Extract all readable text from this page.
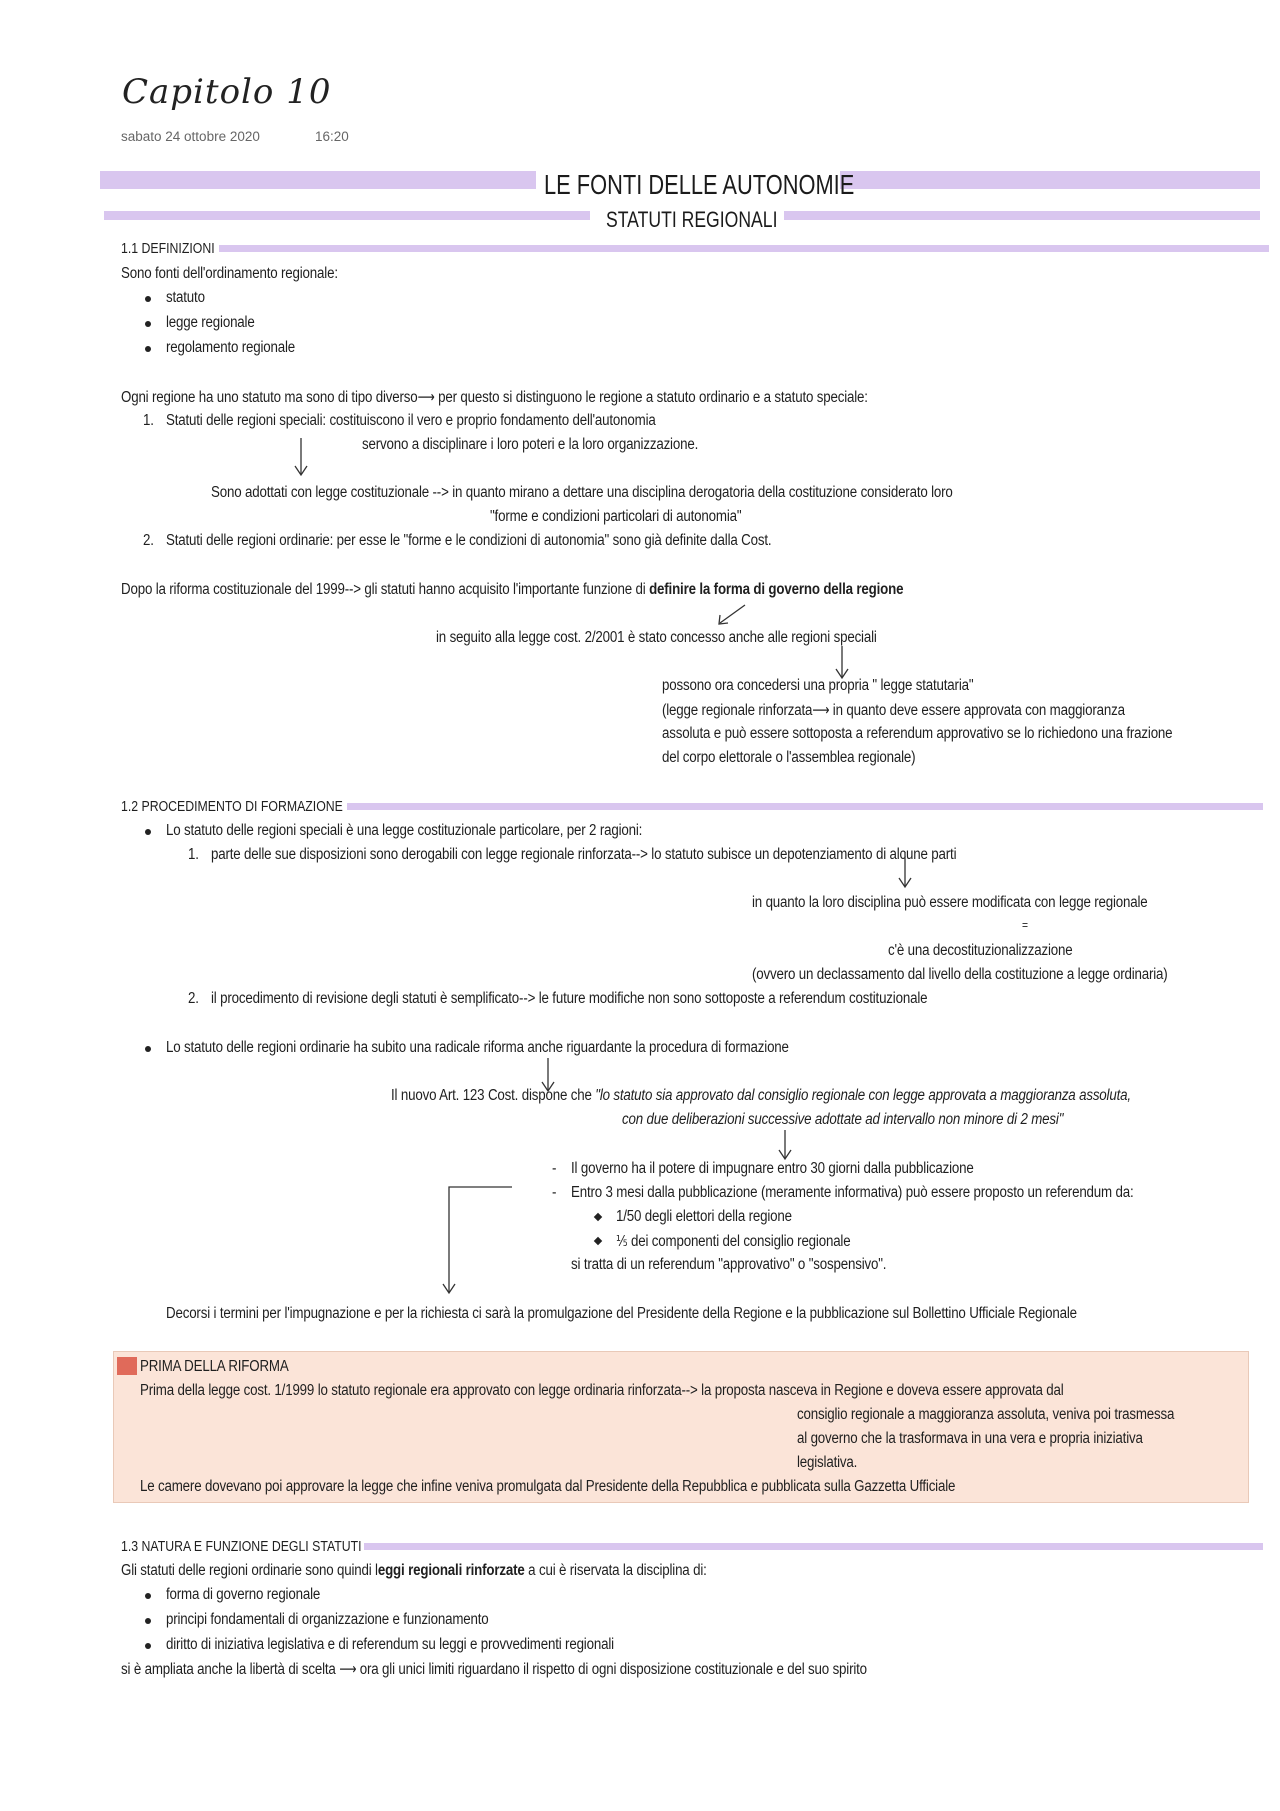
Capitolo 10
sabato 24 ottobre 2020	16:20
LE FONTI DELLE AUTONOMIE
STATUTI REGIONALI
1.1 DEFINIZIONI
Sono fonti dell'ordinamento regionale:
statuto
legge regionale
regolamento regionale
Ogni regione ha uno statuto ma sono di tipo diverso⟶ per questo si distinguono le regione a statuto ordinario e a statuto speciale:
1. Statuti delle regioni speciali: costituiscono il vero e proprio fondamento dell'autonomia
servono a disciplinare i loro poteri e la loro organizzazione.
Sono adottati con legge costituzionale --> in quanto mirano a dettare una disciplina derogatoria della costituzione considerato loro
"forme e condizioni particolari di autonomia"
2. Statuti delle regioni ordinarie: per esse le "forme e le condizioni di autonomia" sono già definite dalla Cost.
Dopo la riforma costituzionale del 1999--> gli statuti hanno acquisito l'importante funzione di definire la forma di governo della regione
in seguito alla legge cost. 2/2001 è stato concesso anche alle regioni speciali
possono ora concedersi una propria " legge statutaria"
(legge regionale rinforzata⟶ in quanto deve essere approvata con maggioranza
assoluta e può essere sottoposta a referendum approvativo se lo richiedono una frazione
del corpo elettorale o l'assemblea regionale)
1.2 PROCEDIMENTO DI FORMAZIONE
Lo statuto delle regioni speciali è una legge costituzionale particolare, per 2 ragioni:
1. parte delle sue disposizioni sono derogabili con legge regionale rinforzata--> lo statuto subisce un depotenziamento di alcune parti
in quanto la loro disciplina può essere modificata con legge regionale
=
c'è una decostituzionalizzazione
(ovvero un declassamento dal livello della costituzione a legge ordinaria)
2. il procedimento di revisione degli statuti è semplificato--> le future modifiche non sono sottoposte a referendum costituzionale
Lo statuto delle regioni ordinarie ha subito una radicale riforma anche riguardante la procedura di formazione
Il nuovo Art. 123 Cost. dispone che "lo statuto sia approvato dal consiglio regionale con legge approvata a maggioranza assoluta,
con due deliberazioni successive adottate ad intervallo non minore di 2 mesi"
- Il governo ha il potere di impugnare entro 30 giorni dalla pubblicazione
- Entro 3 mesi dalla pubblicazione (meramente informativa) può essere proposto un referendum da:
1/50 degli elettori della regione
⅕ dei componenti del consiglio regionale
si tratta di un referendum "approvativo" o "sospensivo".
Decorsi i termini per l'impugnazione e per la richiesta ci sarà la promulgazione del Presidente della Regione e la pubblicazione sul Bollettino Ufficiale Regionale
PRIMA DELLA RIFORMA
Prima della legge cost. 1/1999 lo statuto regionale era approvato con legge ordinaria rinforzata--> la proposta nasceva in Regione e doveva essere approvata dal
consiglio regionale a maggioranza assoluta, veniva poi trasmessa
al governo che la trasformava in una vera e propria iniziativa
legislativa.
Le camere dovevano poi approvare la legge che infine veniva promulgata dal Presidente della Repubblica e pubblicata sulla Gazzetta Ufficiale
1.3 NATURA E FUNZIONE DEGLI STATUTI
Gli statuti delle regioni ordinarie sono quindi leggi regionali rinforzate a cui è riservata la disciplina di:
forma di governo regionale
principi fondamentali di organizzazione e funzionamento
diritto di iniziativa legislativa e di referendum su leggi e provvedimenti regionali
si è ampliata anche la libertà di scelta ⟶ ora gli unici limiti riguardano il rispetto di ogni disposizione costituzionale e del suo spirito
